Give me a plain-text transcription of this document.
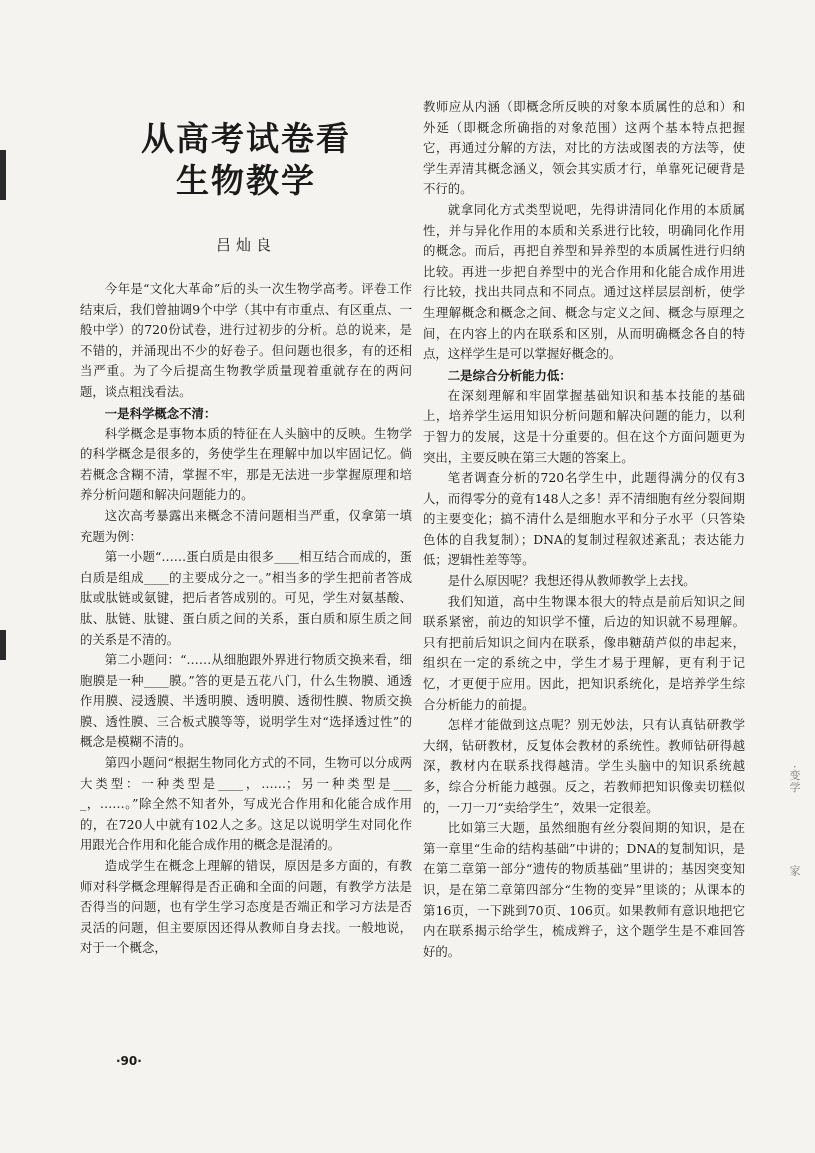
从高考试卷看
生物教学
吕灿良

今年是“文化大革命”后的头一次生物学高考。评卷工作结束后，我们曾抽调9个中学（其中有市重点、有区重点、一般中学）的720份试卷，进行过初步的分析。总的说来，是不错的，并涌现出不少的好卷子。但问题也很多，有的还相当严重。为了今后提高生物教学质量现着重就存在的两问题，谈点粗浅看法。

一是科学概念不清：

科学概念是事物本质的特征在人头脑中的反映。生物学的科学概念是很多的，务使学生在理解中加以牢固记忆。倘若概念含糊不清，掌握不牢，那是无法进一步掌握原理和培养分析问题和解决问题能力的。

这次高考暴露出来概念不清问题相当严重，仅拿第一填充题为例：

第一小题“……蛋白质是由很多____相互结合而成的，蛋白质是组成____的主要成分之一。”相当多的学生把前者答成肽或肽链或氨键，把后者答成别的。可见，学生对氨基酸、肽、肽链、肽键、蛋白质之间的关系，蛋白质和原生质之间的关系是不清的。

第二小题问：“……从细胞跟外界进行物质交换来看，细胞膜是一种____膜。”答的更是五花八门，什么生物膜、通透作用膜、浸透膜、半透明膜、透明膜、透彻性膜、物质交换膜、透性膜、三合板式膜等等，说明学生对“选择透过性”的概念是模糊不清的。

第四小题问“根据生物同化方式的不同，生物可以分成两大类型：一种类型是____，……；另一种类型是____，……。”除全然不知者外，写成光合作用和化能合成作用的，在720人中就有102人之多。这足以说明学生对同化作用跟光合作用和化能合成作用的概念是混淆的。

造成学生在概念上理解的错误，原因是多方面的，有教师对科学概念理解得是否正确和全面的问题，有教学方法是否得当的问题，也有学生学习态度是否端正和学习方法是否灵活的问题，但主要原因还得从教师自身去找。一般地说，对于一个概念，

教师应从内涵（即概念所反映的对象本质属性的总和）和外延（即概念所确指的对象范围）这两个基本特点把握它，再通过分解的方法，对比的方法或图表的方法等，使学生弄清其概念涵义，领会其实质才行，单靠死记硬背是不行的。

就拿同化方式类型说吧，先得讲清同化作用的本质属性，并与异化作用的本质和关系进行比较，明确同化作用的概念。而后，再把自养型和异养型的本质属性进行归纳比较。再进一步把自养型中的光合作用和化能合成作用进行比较，找出共同点和不同点。通过这样层层剖析，使学生理解概念和概念之间、概念与定义之间、概念与原理之间，在内容上的内在联系和区别，从而明确概念各自的特点，这样学生是可以掌握好概念的。

二是综合分析能力低：

在深刻理解和牢固掌握基础知识和基本技能的基础上，培养学生运用知识分析问题和解决问题的能力，以利于智力的发展，这是十分重要的。但在这个方面问题更为突出，主要反映在第三大题的答案上。

笔者调查分析的720名学生中，此题得满分的仅有3人，而得零分的竟有148人之多！弄不清细胞有丝分裂间期的主要变化；搞不清什么是细胞水平和分子水平（只答染色体的自我复制）；DNA的复制过程叙述紊乱；表达能力低；逻辑性差等等。

是什么原因呢？我想还得从教师教学上去找。

我们知道，高中生物课本很大的特点是前后知识之间联系紧密，前边的知识学不懂，后边的知识就不易理解。只有把前后知识之间内在联系，像串糖葫芦似的串起来，组织在一定的系统之中，学生才易于理解，更有利于记忆，才更便于应用。因此，把知识系统化，是培养学生综合分析能力的前提。

怎样才能做到这点呢？别无妙法，只有认真钻研教学大纲，钻研教材，反复体会教材的系统性。教师钻研得越深，教材内在联系找得越清。学生头脑中的知识系统越多，综合分析能力越强。反之，若教师把知识像卖切糕似的，一刀一刀“卖给学生”，效果一定很差。

比如第三大题，虽然细胞有丝分裂间期的知识，是在第一章里“生命的结构基础”中讲的；DNA的复制知识，是在第二章第一部分“遗传的物质基础”里讲的；基因突变知识，是在第二章第四部分“生物的变异”里谈的；从课本的第16页，一下跳到70页、106页。如果教师有意识地把它内在联系揭示给学生，梳成辫子，这个题学生是不难回答好的。

·90·
·变学
家
